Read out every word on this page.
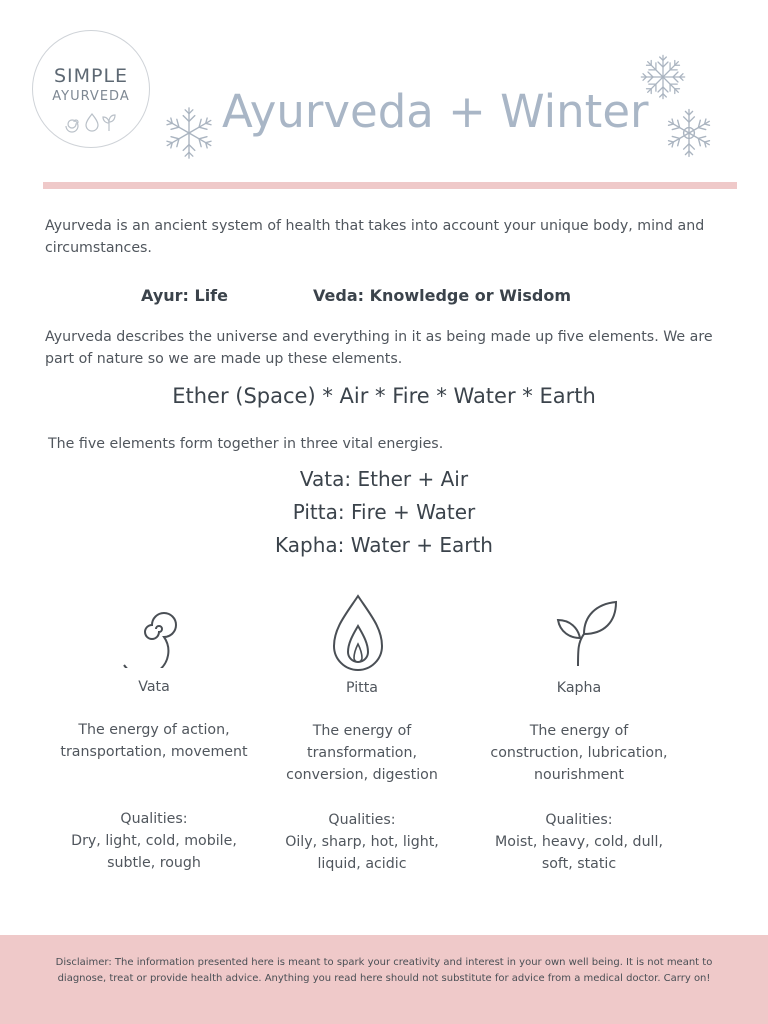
SIMPLE
AYURVEDA	Ayurveda + Winter

Ayurveda is an ancient system of health that takes into account your unique body, mind and circumstances.

Ayur: Life	Veda: Knowledge or Wisdom

Ayurveda describes the universe and everything in it as being made up five elements. We are part of nature so we are made up these elements.

Ether (Space) * Air * Fire * Water * Earth

The five elements form together in three vital energies.

Vata: Ether + Air

Pitta: Fire + Water

Kapha: Water + Earth

Vata
The energy of action,
transportation, movement
Qualities:
Dry, light, cold, mobile,
subtle, rough
Pitta
The energy of
transformation,
conversion, digestion
Qualities:
Oily, sharp, hot, light,
liquid, acidic
Kapha
The energy of
construction, lubrication,
nourishment
Qualities:
Moist, heavy, cold, dull,
soft, static

Disclaimer: The information presented here is meant to spark your creativity and interest in your own well being. It is not meant to diagnose, treat or provide health advice. Anything you read here should not substitute for advice from a medical doctor. Carry on!
